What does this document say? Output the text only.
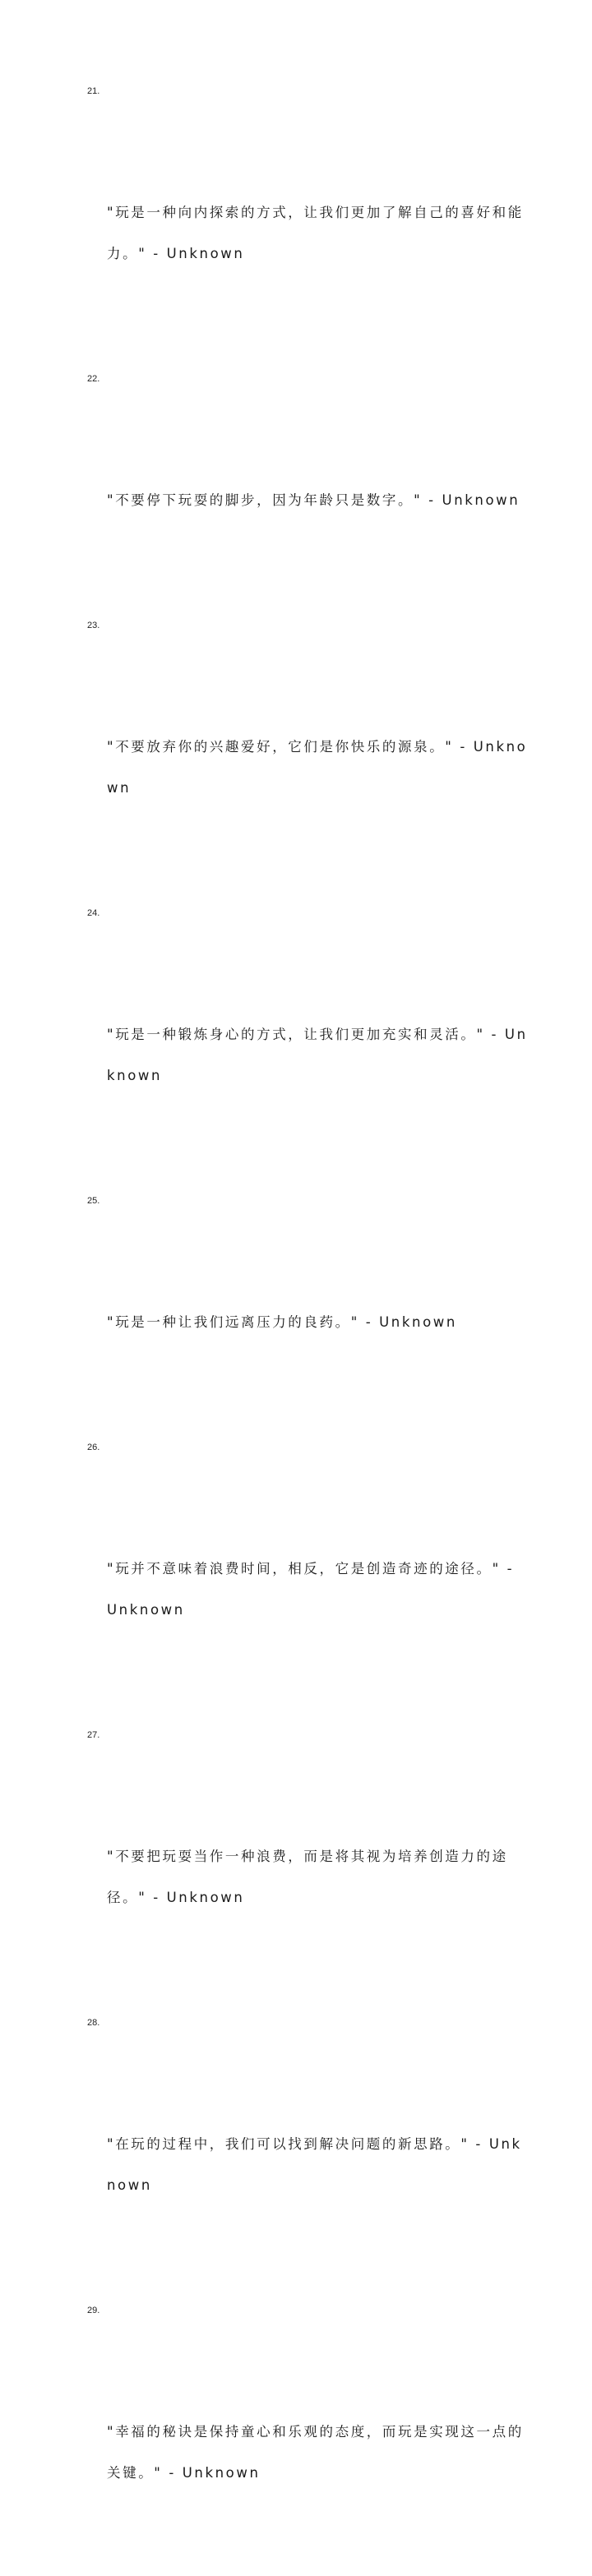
21.

"玩是一种向内探索的方式，让我们更加了解自己的喜好和能力。" - Unknown

22.

"不要停下玩耍的脚步，因为年龄只是数字。" - Unknown

23.

"不要放弃你的兴趣爱好，它们是你快乐的源泉。" - Unknown

24.

"玩是一种锻炼身心的方式，让我们更加充实和灵活。" - Unknown

25.

"玩是一种让我们远离压力的良药。" - Unknown

26.

"玩并不意味着浪费时间，相反，它是创造奇迹的途径。" - Unknown

27.

"不要把玩耍当作一种浪费，而是将其视为培养创造力的途径。" - Unknown

28.

"在玩的过程中，我们可以找到解决问题的新思路。" - Unknown

29.

"幸福的秘诀是保持童心和乐观的态度，而玩是实现这一点的关键。" - Unknown
